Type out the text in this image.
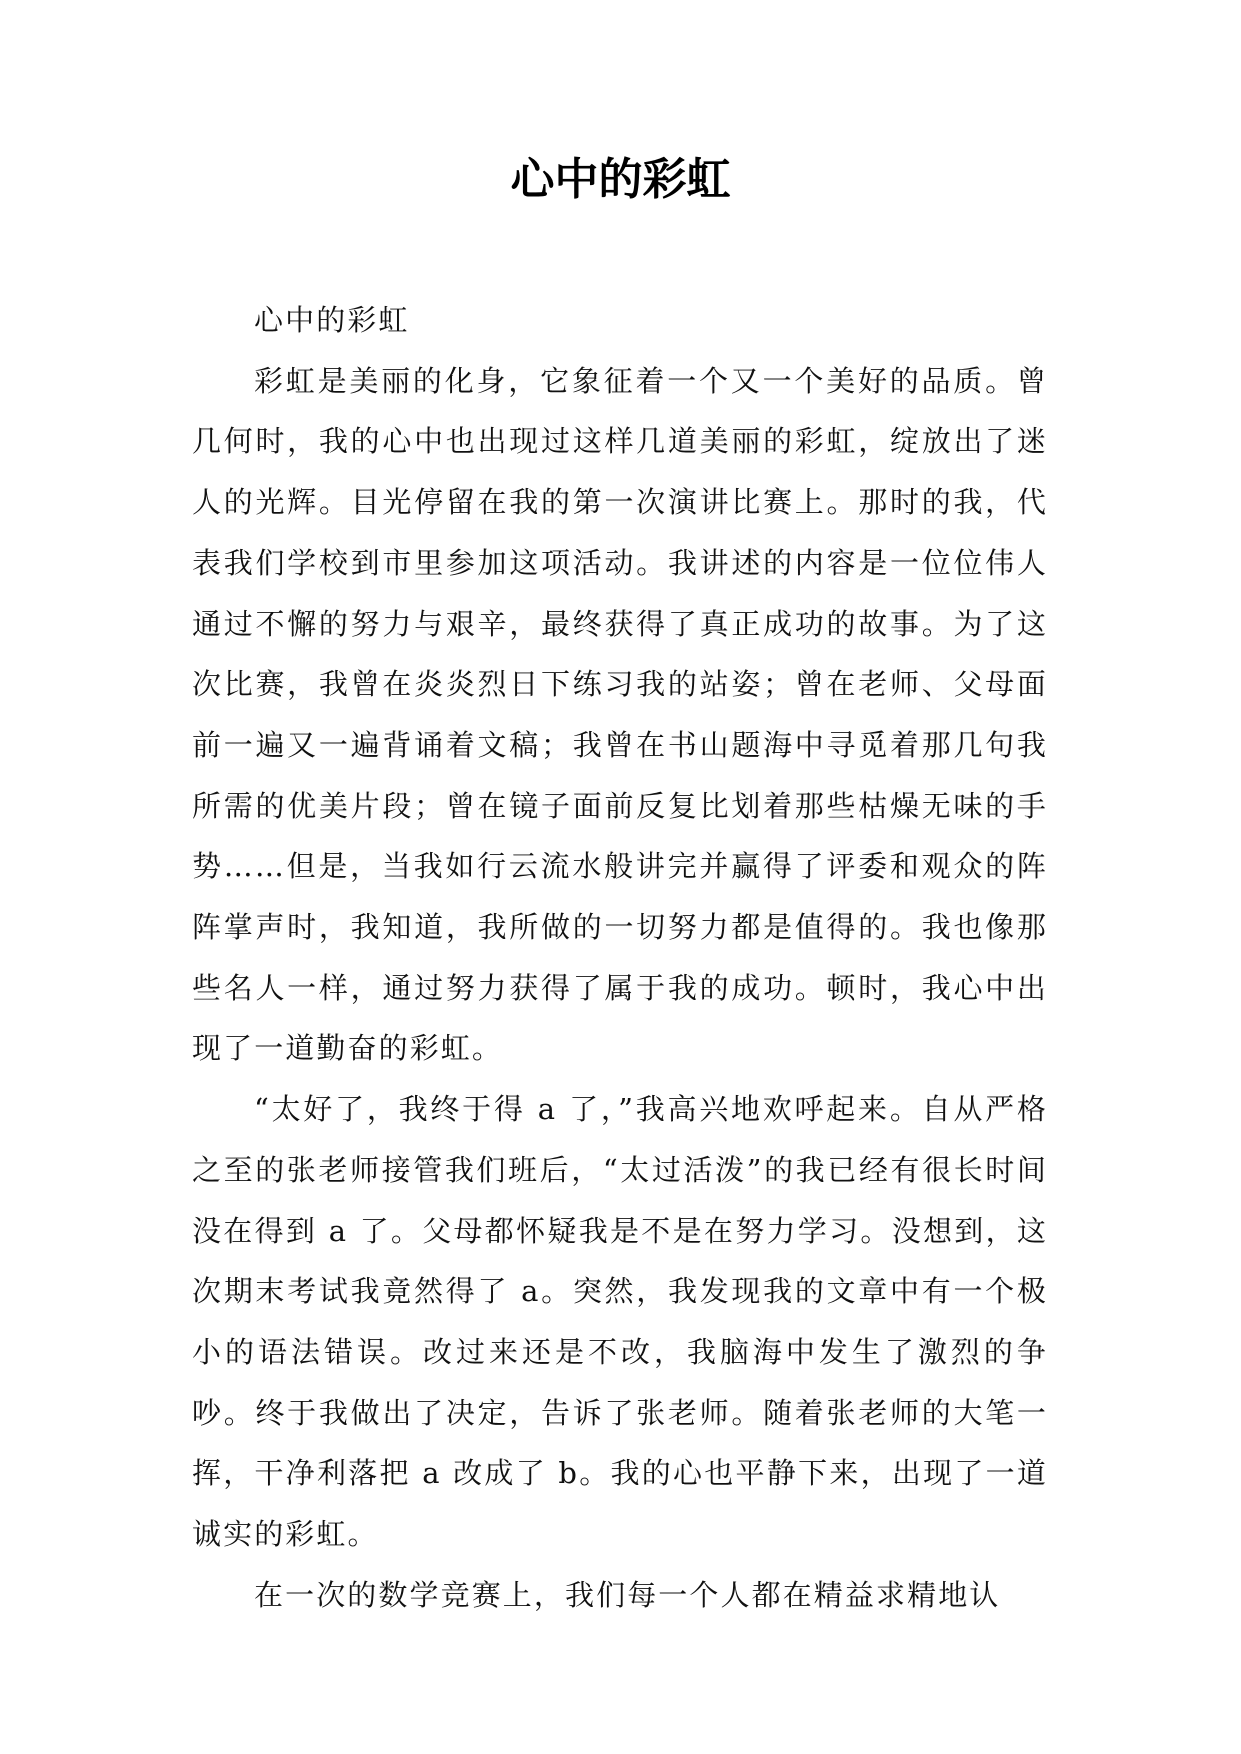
心中的彩虹

心中的彩虹

彩虹是美丽的化身，它象征着一个又一个美好的品质。曾几何时，我的心中也出现过这样几道美丽的彩虹，绽放出了迷人的光辉。目光停留在我的第一次演讲比赛上。那时的我，代表我们学校到市里参加这项活动。我讲述的内容是一位位伟人通过不懈的努力与艰辛，最终获得了真正成功的故事。为了这次比赛，我曾在炎炎烈日下练习我的站姿；曾在老师、父母面前一遍又一遍背诵着文稿；我曾在书山题海中寻觅着那几句我所需的优美片段；曾在镜子面前反复比划着那些枯燥无味的手势……但是，当我如行云流水般讲完并赢得了评委和观众的阵阵掌声时，我知道，我所做的一切努力都是值得的。我也像那些名人一样，通过努力获得了属于我的成功。顿时，我心中出现了一道勤奋的彩虹。

“太好了，我终于得 a 了，”我高兴地欢呼起来。自从严格之至的张老师接管我们班后，“太过活泼”的我已经有很长时间没在得到 a 了。父母都怀疑我是不是在努力学习。没想到，这次期末考试我竟然得了 a。突然，我发现我的文章中有一个极小的语法错误。改过来还是不改，我脑海中发生了激烈的争吵。终于我做出了决定，告诉了张老师。随着张老师的大笔一挥，干净利落把 a 改成了 b。我的心也平静下来，出现了一道诚实的彩虹。

在一次的数学竞赛上，我们每一个人都在精益求精地认
